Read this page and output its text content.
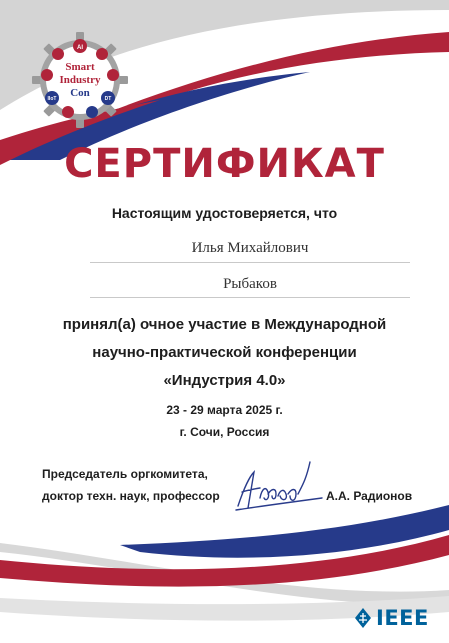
AI
IIoT	DT
Smart
Industry
Con
СЕРТИФИКАТ
Настоящим удостоверяется, что
Илья Михайлович
Рыбаков
принял(а) очное участие в Международной
научно-практической конференции
«Индустрия 4.0»
23 - 29 марта 2025 г.
г. Сочи, Россия
Председатель оргкомитета,
доктор техн. наук, профессор	А.А. Радионов
IEEE
